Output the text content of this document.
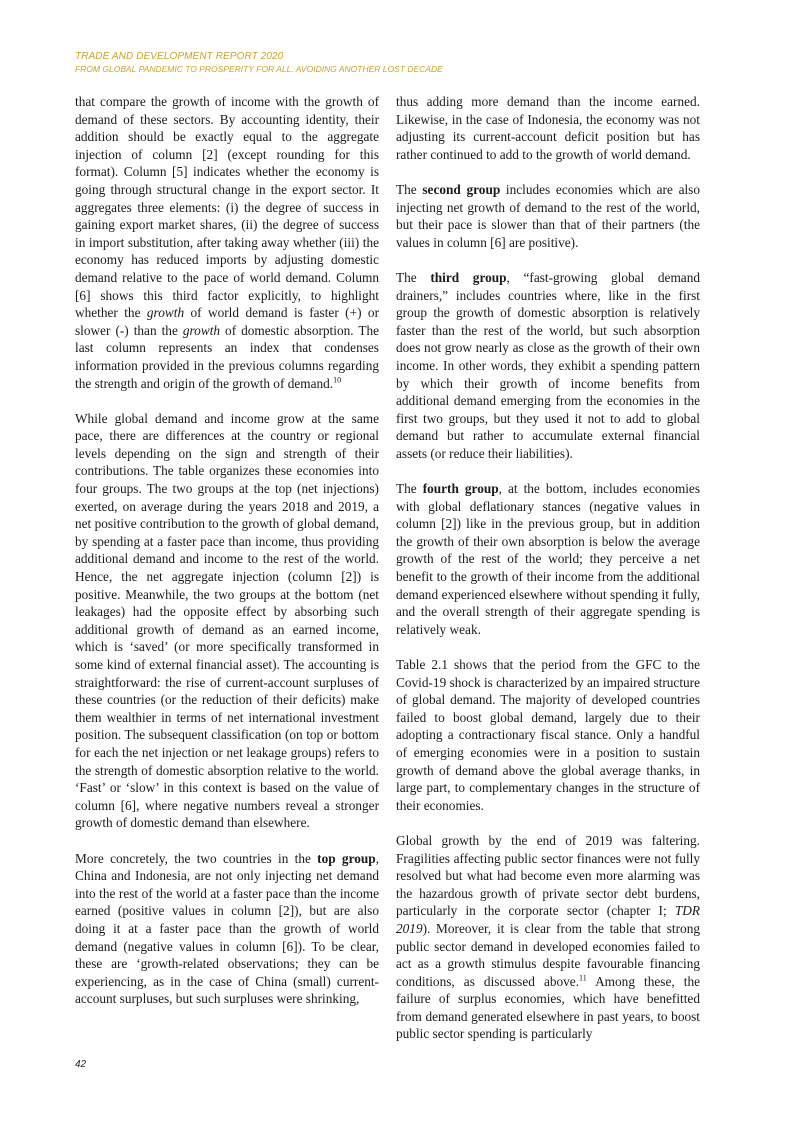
TRADE AND DEVELOPMENT REPORT 2020
FROM GLOBAL PANDEMIC TO PROSPERITY FOR ALL: AVOIDING ANOTHER LOST DECADE

that compare the growth of income with the growth of demand of these sectors. By accounting identity, their addition should be exactly equal to the aggregate injection of column [2] (except rounding for this format). Column [5] indicates whether the economy is going through structural change in the export sector. It aggregates three elements: (i) the degree of success in gaining export market shares, (ii) the degree of success in import substitution, after taking away whether (iii) the economy has reduced imports by adjusting domestic demand relative to the pace of world demand. Column [6] shows this third factor explicitly, to highlight whether the growth of world demand is faster (+) or slower (-) than the growth of domestic absorption. The last column represents an index that condenses information provided in the previous columns regarding the strength and origin of the growth of demand.$^{10}$

While global demand and income grow at the same pace, there are differences at the country or regional levels depending on the sign and strength of their contributions. The table organizes these economies into four groups. The two groups at the top (net injections) exerted, on average during the years 2018 and 2019, a net positive contribution to the growth of global demand, by spending at a faster pace than income, thus providing additional demand and income to the rest of the world. Hence, the net aggregate injection (column [2]) is positive. Meanwhile, the two groups at the bottom (net leakages) had the opposite effect by absorbing such additional growth of demand as an earned income, which is ‘saved’ (or more specifically transformed in some kind of external financial asset). The accounting is straightforward: the rise of current-account surpluses of these countries (or the reduction of their deficits) make them wealthier in terms of net international investment position. The subsequent classification (on top or bottom for each the net injection or net leakage groups) refers to the strength of domestic absorption relative to the world. ‘Fast’ or ‘slow’ in this context is based on the value of column [6], where negative numbers reveal a stronger growth of domestic demand than elsewhere.

More concretely, the two countries in the top group, China and Indonesia, are not only injecting net demand into the rest of the world at a faster pace than the income earned (positive values in column [2]), but are also doing it at a faster pace than the growth of world demand (negative values in column [6]). To be clear, these are ‘growth-related observations; they can be experiencing, as in the case of China (small) current-account surpluses, but such surpluses were shrinking,

thus adding more demand than the income earned. Likewise, in the case of Indonesia, the economy was not adjusting its current-account deficit position but has rather continued to add to the growth of world demand.

The second group includes economies which are also injecting net growth of demand to the rest of the world, but their pace is slower than that of their partners (the values in column [6] are positive).

The third group, “fast-growing global demand drainers,” includes countries where, like in the first group the growth of domestic absorption is relatively faster than the rest of the world, but such absorption does not grow nearly as close as the growth of their own income. In other words, they exhibit a spending pattern by which their growth of income benefits from additional demand emerging from the economies in the first two groups, but they used it not to add to global demand but rather to accumulate external financial assets (or reduce their liabilities).

The fourth group, at the bottom, includes economies with global deflationary stances (negative values in column [2]) like in the previous group, but in addition the growth of their own absorption is below the average growth of the rest of the world; they perceive a net benefit to the growth of their income from the additional demand experienced elsewhere without spending it fully, and the overall strength of their aggregate spending is relatively weak.

Table 2.1 shows that the period from the GFC to the Covid-19 shock is characterized by an impaired structure of global demand. The majority of developed countries failed to boost global demand, largely due to their adopting a contractionary fiscal stance. Only a handful of emerging economies were in a position to sustain growth of demand above the global average thanks, in large part, to complementary changes in the structure of their economies.

Global growth by the end of 2019 was faltering. Fragilities affecting public sector finances were not fully resolved but what had become even more alarming was the hazardous growth of private sector debt burdens, particularly in the corporate sector (chapter I; TDR 2019). Moreover, it is clear from the table that strong public sector demand in developed economies failed to act as a growth stimulus despite favourable financing conditions, as discussed above.$^{11}$ Among these, the failure of surplus economies, which have benefitted from demand generated elsewhere in past years, to boost public sector spending is particularly

42
